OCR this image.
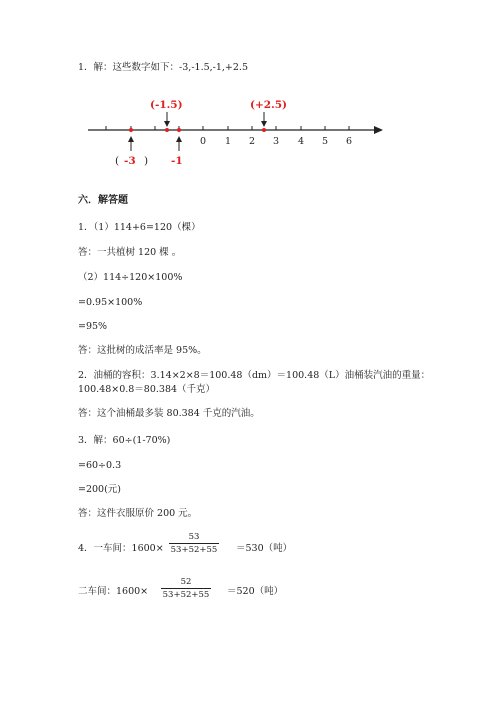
1．解：这些数字如下：-3,-1.5,-1,+2.5
(-1.5)	(+2.5)
0 1 2 3 4 5 6
( -3 ) -1
六．解答题
1．（1）114+6=120（棵）
答：一共植树 120 棵 。
（2）114÷120×100%
=0.95×100%
=95%
答：这批树的成活率是 95%。
2．油桶的容积：3.14×2×8＝100.48（dm）＝100.48（L）油桶装汽油的重量：
100.48×0.8＝80.384（千克）
答：这个油桶最多装 80.384 千克的汽油。
3．解：60÷(1-70%)
=60÷0.3
=200(元)
答：这件衣服原价 200 元。
4．一车间：1600×
53
53+52+55 ＝530（吨）
二车间：1600×
52
53+52+55 ＝520（吨）
